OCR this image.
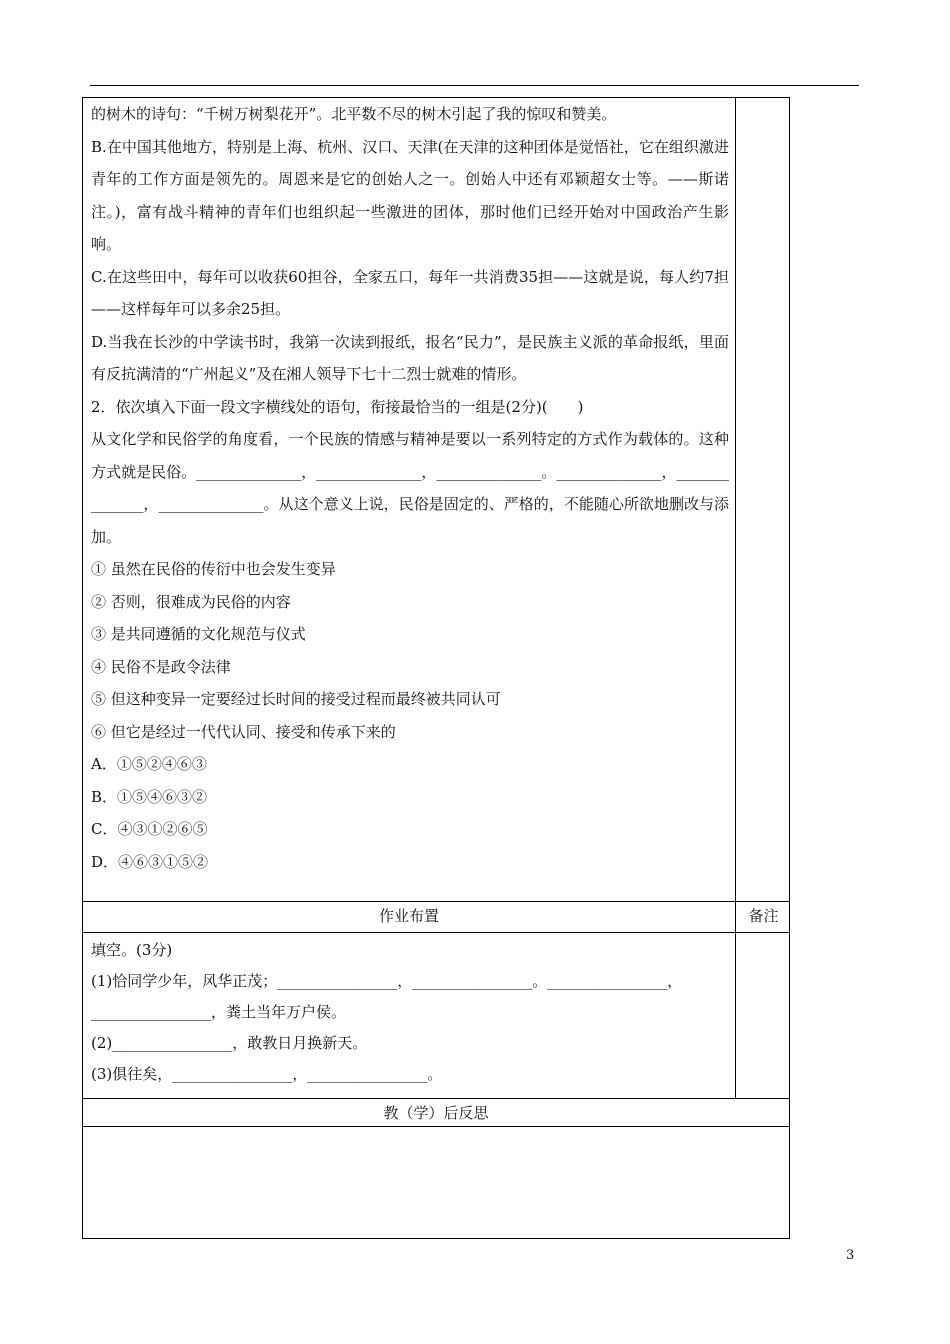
的树木的诗句：“千树万树梨花开”。北平数不尽的树木引起了我的惊叹和赞美。

B.在中国其他地方，特别是上海、杭州、汉口、天津(在天津的这种团体是觉悟社，它在组织激进青年的工作方面是领先的。周恩来是它的创始人之一。创始人中还有邓颖超女士等。——斯诺注。)，富有战斗精神的青年们也组织起一些激进的团体，那时他们已经开始对中国政治产生影响。

C.在这些田中，每年可以收获60担谷，全家五口，每年一共消费35担——这就是说，每人约7担——这样每年可以多余25担。

D.当我在长沙的中学读书时，我第一次读到报纸，报名“民力”，是民族主义派的革命报纸，里面有反抗满清的“广州起义”及在湘人领导下七十二烈士就难的情形。

2．依次填入下面一段文字横线处的语句，衔接最恰当的一组是(2分)(　　)

从文化学和民俗学的角度看，一个民族的情感与精神是要以一系列特定的方式作为载体的。这种方式就是民俗。______________，______________，______________。______________，______________，______________。从这个意义上说，民俗是固定的、严格的，不能随心所欲地删改与添加。

① 虽然在民俗的传衍中也会发生变异

② 否则，很难成为民俗的内容

③ 是共同遵循的文化规范与仪式

④ 民俗不是政令法律

⑤ 但这种变异一定要经过长时间的接受过程而最终被共同认可

⑥ 但它是经过一代代认同、接受和传承下来的

A．①⑤②④⑥③

B．①⑤④⑥③②

C．④③①②⑥⑤

D．④⑥③①⑤②

作业布置	备注

填空。(3分)

(1)恰同学少年，风华正茂；________________，________________。________________，

________________，粪土当年万户侯。

(2)________________，敢教日月换新天。

(3)俱往矣，________________，________________。

教（学）后反思
3
